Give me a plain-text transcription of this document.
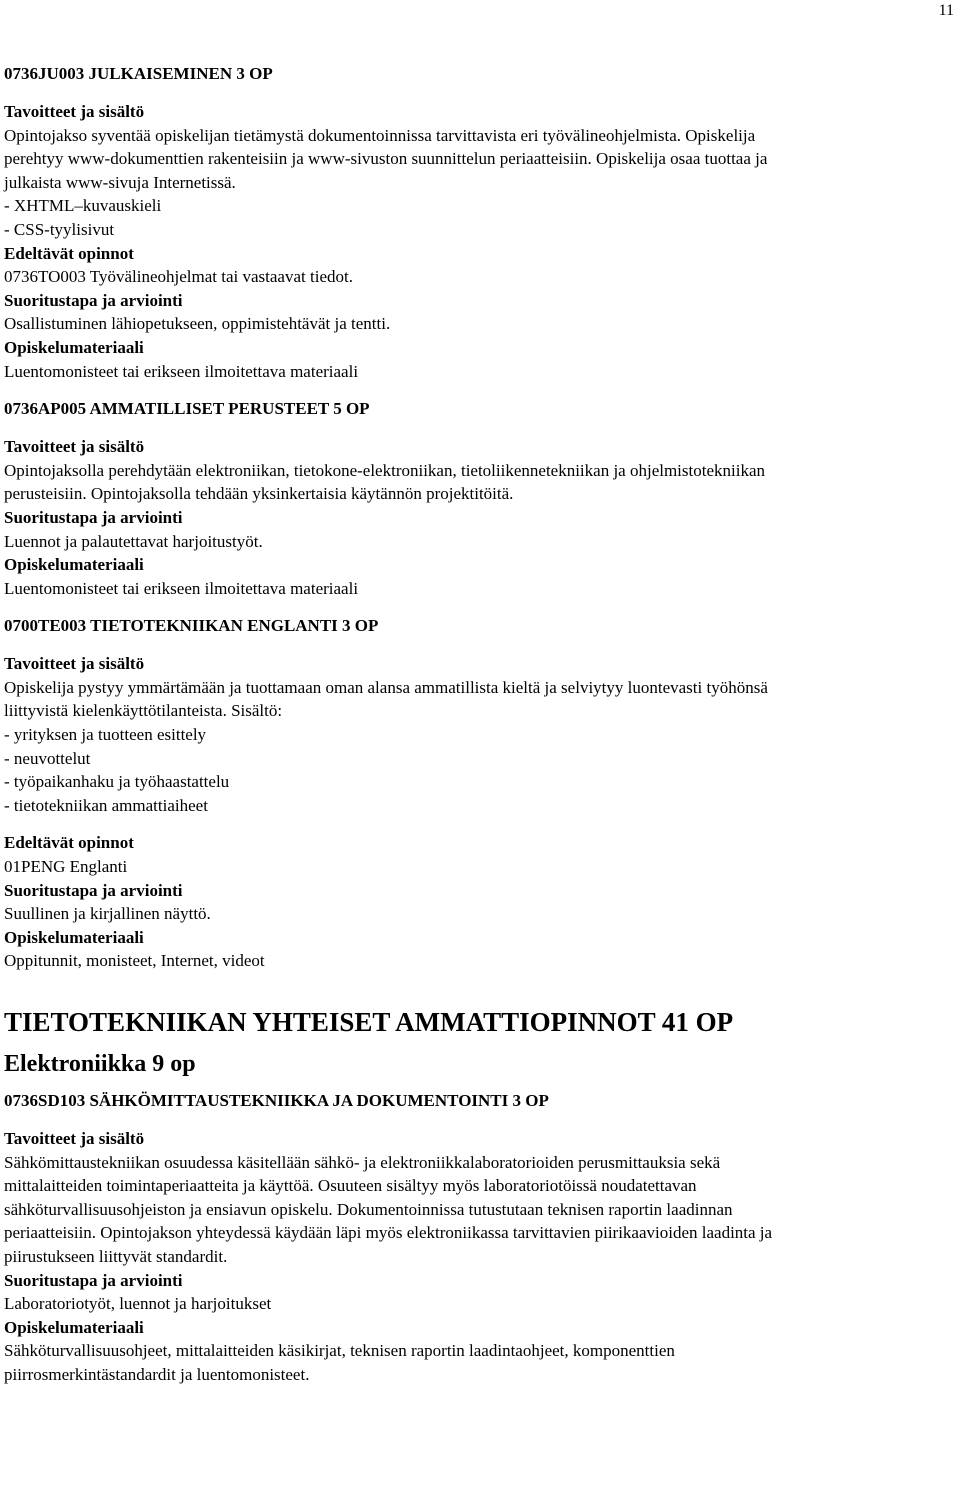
11
0736JU003 JULKAISEMINEN 3 OP
Tavoitteet ja sisältö
Opintojakso syventää opiskelijan tietämystä dokumentoinnissa tarvittavista eri työvälineohjelmista. Opiskelija
perehtyy www-dokumenttien rakenteisiin ja www-sivuston suunnittelun periaatteisiin. Opiskelija osaa tuottaa ja
julkaista www-sivuja Internetissä.
- XHTML–kuvauskieli
- CSS-tyylisivut
Edeltävät opinnot
0736TO003 Työvälineohjelmat tai vastaavat tiedot.
Suoritustapa ja arviointi
Osallistuminen lähiopetukseen, oppimistehtävät ja tentti.
Opiskelumateriaali
Luentomonisteet tai erikseen ilmoitettava materiaali
0736AP005 AMMATILLISET PERUSTEET 5 OP
Tavoitteet ja sisältö
Opintojaksolla perehdytään elektroniikan, tietokone-elektroniikan, tietoliikennetekniikan ja ohjelmistotekniikan
perusteisiin. Opintojaksolla tehdään yksinkertaisia käytännön projektitöitä.
Suoritustapa ja arviointi
Luennot ja palautettavat harjoitustyöt.
Opiskelumateriaali
Luentomonisteet tai erikseen ilmoitettava materiaali
0700TE003 TIETOTEKNIIKAN ENGLANTI 3 OP
Tavoitteet ja sisältö
Opiskelija pystyy ymmärtämään ja tuottamaan oman alansa ammatillista kieltä ja selviytyy luontevasti työhönsä
liittyvistä kielenkäyttötilanteista. Sisältö:
- yrityksen ja tuotteen esittely
- neuvottelut
- työpaikanhaku ja työhaastattelu
- tietotekniikan ammattiaiheet
Edeltävät opinnot
01PENG Englanti
Suoritustapa ja arviointi
Suullinen ja kirjallinen näyttö.
Opiskelumateriaali
Oppitunnit, monisteet, Internet, videot
TIETOTEKNIIKAN YHTEISET AMMATTIOPINNOT 41 OP
Elektroniikka 9 op
0736SD103 SÄHKÖMITTAUSTEKNIIKKA JA DOKUMENTOINTI 3 OP
Tavoitteet ja sisältö
Sähkömittaustekniikan osuudessa käsitellään sähkö- ja elektroniikkalaboratorioiden perusmittauksia sekä
mittalaitteiden toimintaperiaatteita ja käyttöä. Osuuteen sisältyy myös laboratoriotöissä noudatettavan
sähköturvallisuusohjeiston ja ensiavun opiskelu. Dokumentoinnissa tutustutaan teknisen raportin laadinnan
periaatteisiin. Opintojakson yhteydessä käydään läpi myös elektroniikassa tarvittavien piirikaavioiden laadinta ja
piirustukseen liittyvät standardit.
Suoritustapa ja arviointi
Laboratoriotyöt, luennot ja harjoitukset
Opiskelumateriaali
Sähköturvallisuusohjeet, mittalaitteiden käsikirjat, teknisen raportin laadintaohjeet, komponenttien
piirrosmerkintästandardit ja luentomonisteet.
